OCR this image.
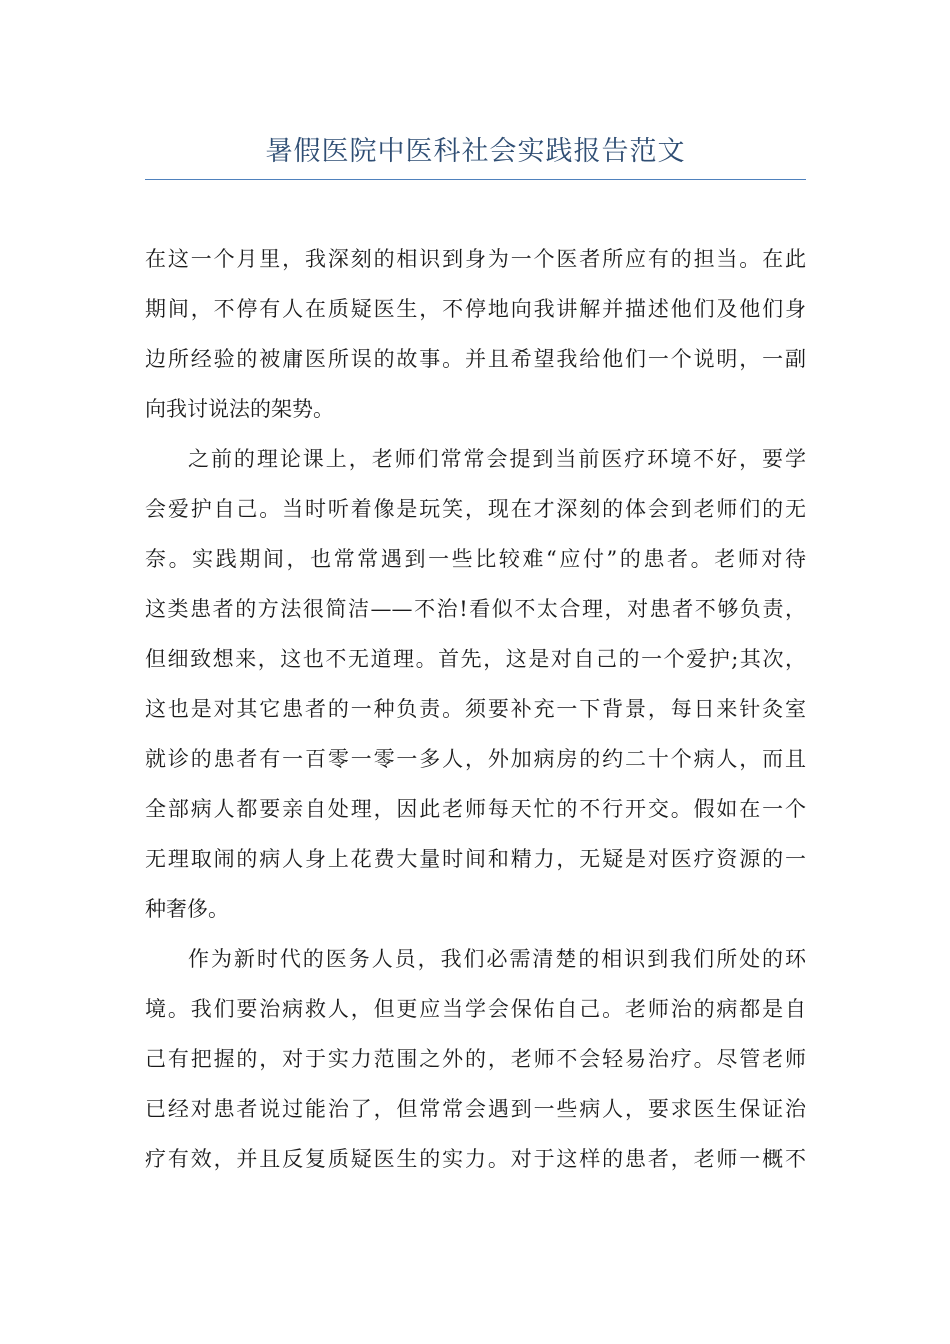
暑假医院中医科社会实践报告范文
在这一个月里，我深刻的相识到身为一个医者所应有的担当。在此
期间，不停有人在质疑医生，不停地向我讲解并描述他们及他们身
边所经验的被庸医所误的故事。并且希望我给他们一个说明，一副
向我讨说法的架势。
之前的理论课上，老师们常常会提到当前医疗环境不好，要学
会爱护自己。当时听着像是玩笑，现在才深刻的体会到老师们的无
奈。实践期间，也常常遇到一些比较难“应付”的患者。老师对待
这类患者的方法很简洁——不治!看似不太合理，对患者不够负责，
但细致想来，这也不无道理。首先，这是对自己的一个爱护;其次，
这也是对其它患者的一种负责。须要补充一下背景，每日来针灸室
就诊的患者有一百零一零一多人，外加病房的约二十个病人，而且
全部病人都要亲自处理，因此老师每天忙的不行开交。假如在一个
无理取闹的病人身上花费大量时间和精力，无疑是对医疗资源的一
种奢侈。
作为新时代的医务人员，我们必需清楚的相识到我们所处的环
境。我们要治病救人，但更应当学会保佑自己。老师治的病都是自
己有把握的，对于实力范围之外的，老师不会轻易治疗。尽管老师
已经对患者说过能治了，但常常会遇到一些病人，要求医生保证治
疗有效，并且反复质疑医生的实力。对于这样的患者，老师一概不
